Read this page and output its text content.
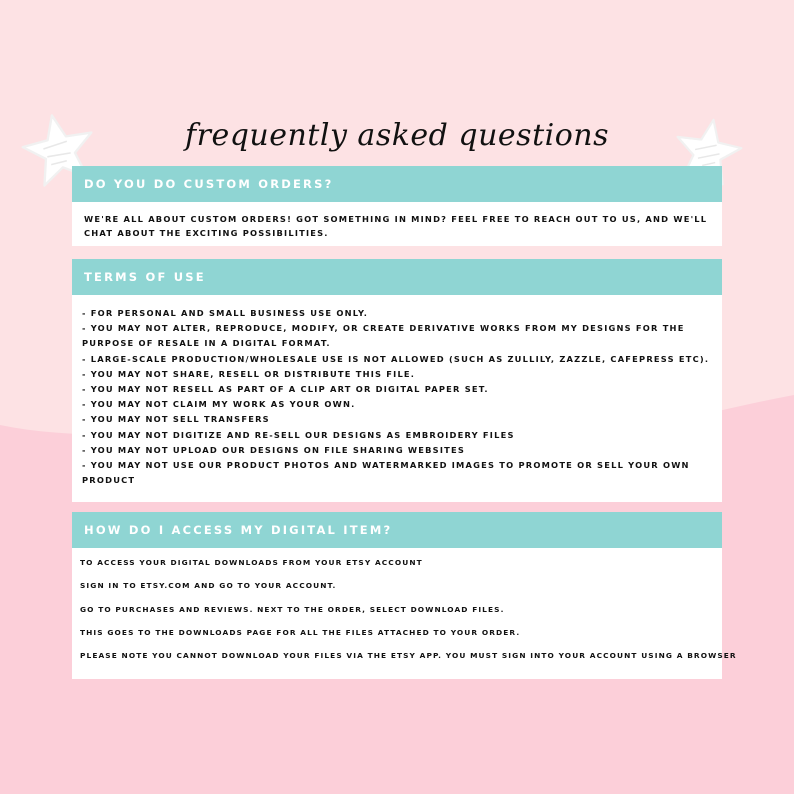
frequently asked questions
DO YOU DO CUSTOM ORDERS?
WE'RE ALL ABOUT CUSTOM ORDERS! GOT SOMETHING IN MIND? FEEL FREE TO REACH OUT TO US, AND WE'LL CHAT ABOUT THE EXCITING POSSIBILITIES.
TERMS OF USE
- FOR PERSONAL AND SMALL BUSINESS USE ONLY.
- YOU MAY NOT ALTER, REPRODUCE, MODIFY, OR CREATE DERIVATIVE WORKS FROM MY DESIGNS FOR THE PURPOSE OF RESALE IN A DIGITAL FORMAT.
- LARGE-SCALE PRODUCTION/WHOLESALE USE IS NOT ALLOWED (SUCH AS ZULLILY, ZAZZLE, CAFEPRESS ETC).
- YOU MAY NOT SHARE, RESELL OR DISTRIBUTE THIS FILE.
- YOU MAY NOT RESELL AS PART OF A CLIP ART OR DIGITAL PAPER SET.
- YOU MAY NOT CLAIM MY WORK AS YOUR OWN.
- YOU MAY NOT SELL TRANSFERS
- YOU MAY NOT DIGITIZE AND RE-SELL OUR DESIGNS AS EMBROIDERY FILES
- YOU MAY NOT UPLOAD OUR DESIGNS ON FILE SHARING WEBSITES
- YOU MAY NOT USE OUR PRODUCT PHOTOS AND WATERMARKED IMAGES TO PROMOTE OR SELL YOUR OWN PRODUCT
HOW DO I ACCESS MY DIGITAL ITEM?
TO ACCESS YOUR DIGITAL DOWNLOADS FROM YOUR ETSY ACCOUNT
SIGN IN TO ETSY.COM AND GO TO YOUR ACCOUNT.
GO TO PURCHASES AND REVIEWS. NEXT TO THE ORDER, SELECT DOWNLOAD FILES.
THIS GOES TO THE DOWNLOADS PAGE FOR ALL THE FILES ATTACHED TO YOUR ORDER.
PLEASE NOTE YOU CANNOT DOWNLOAD YOUR FILES VIA THE ETSY APP. YOU MUST SIGN INTO YOUR ACCOUNT USING A BROWSER
